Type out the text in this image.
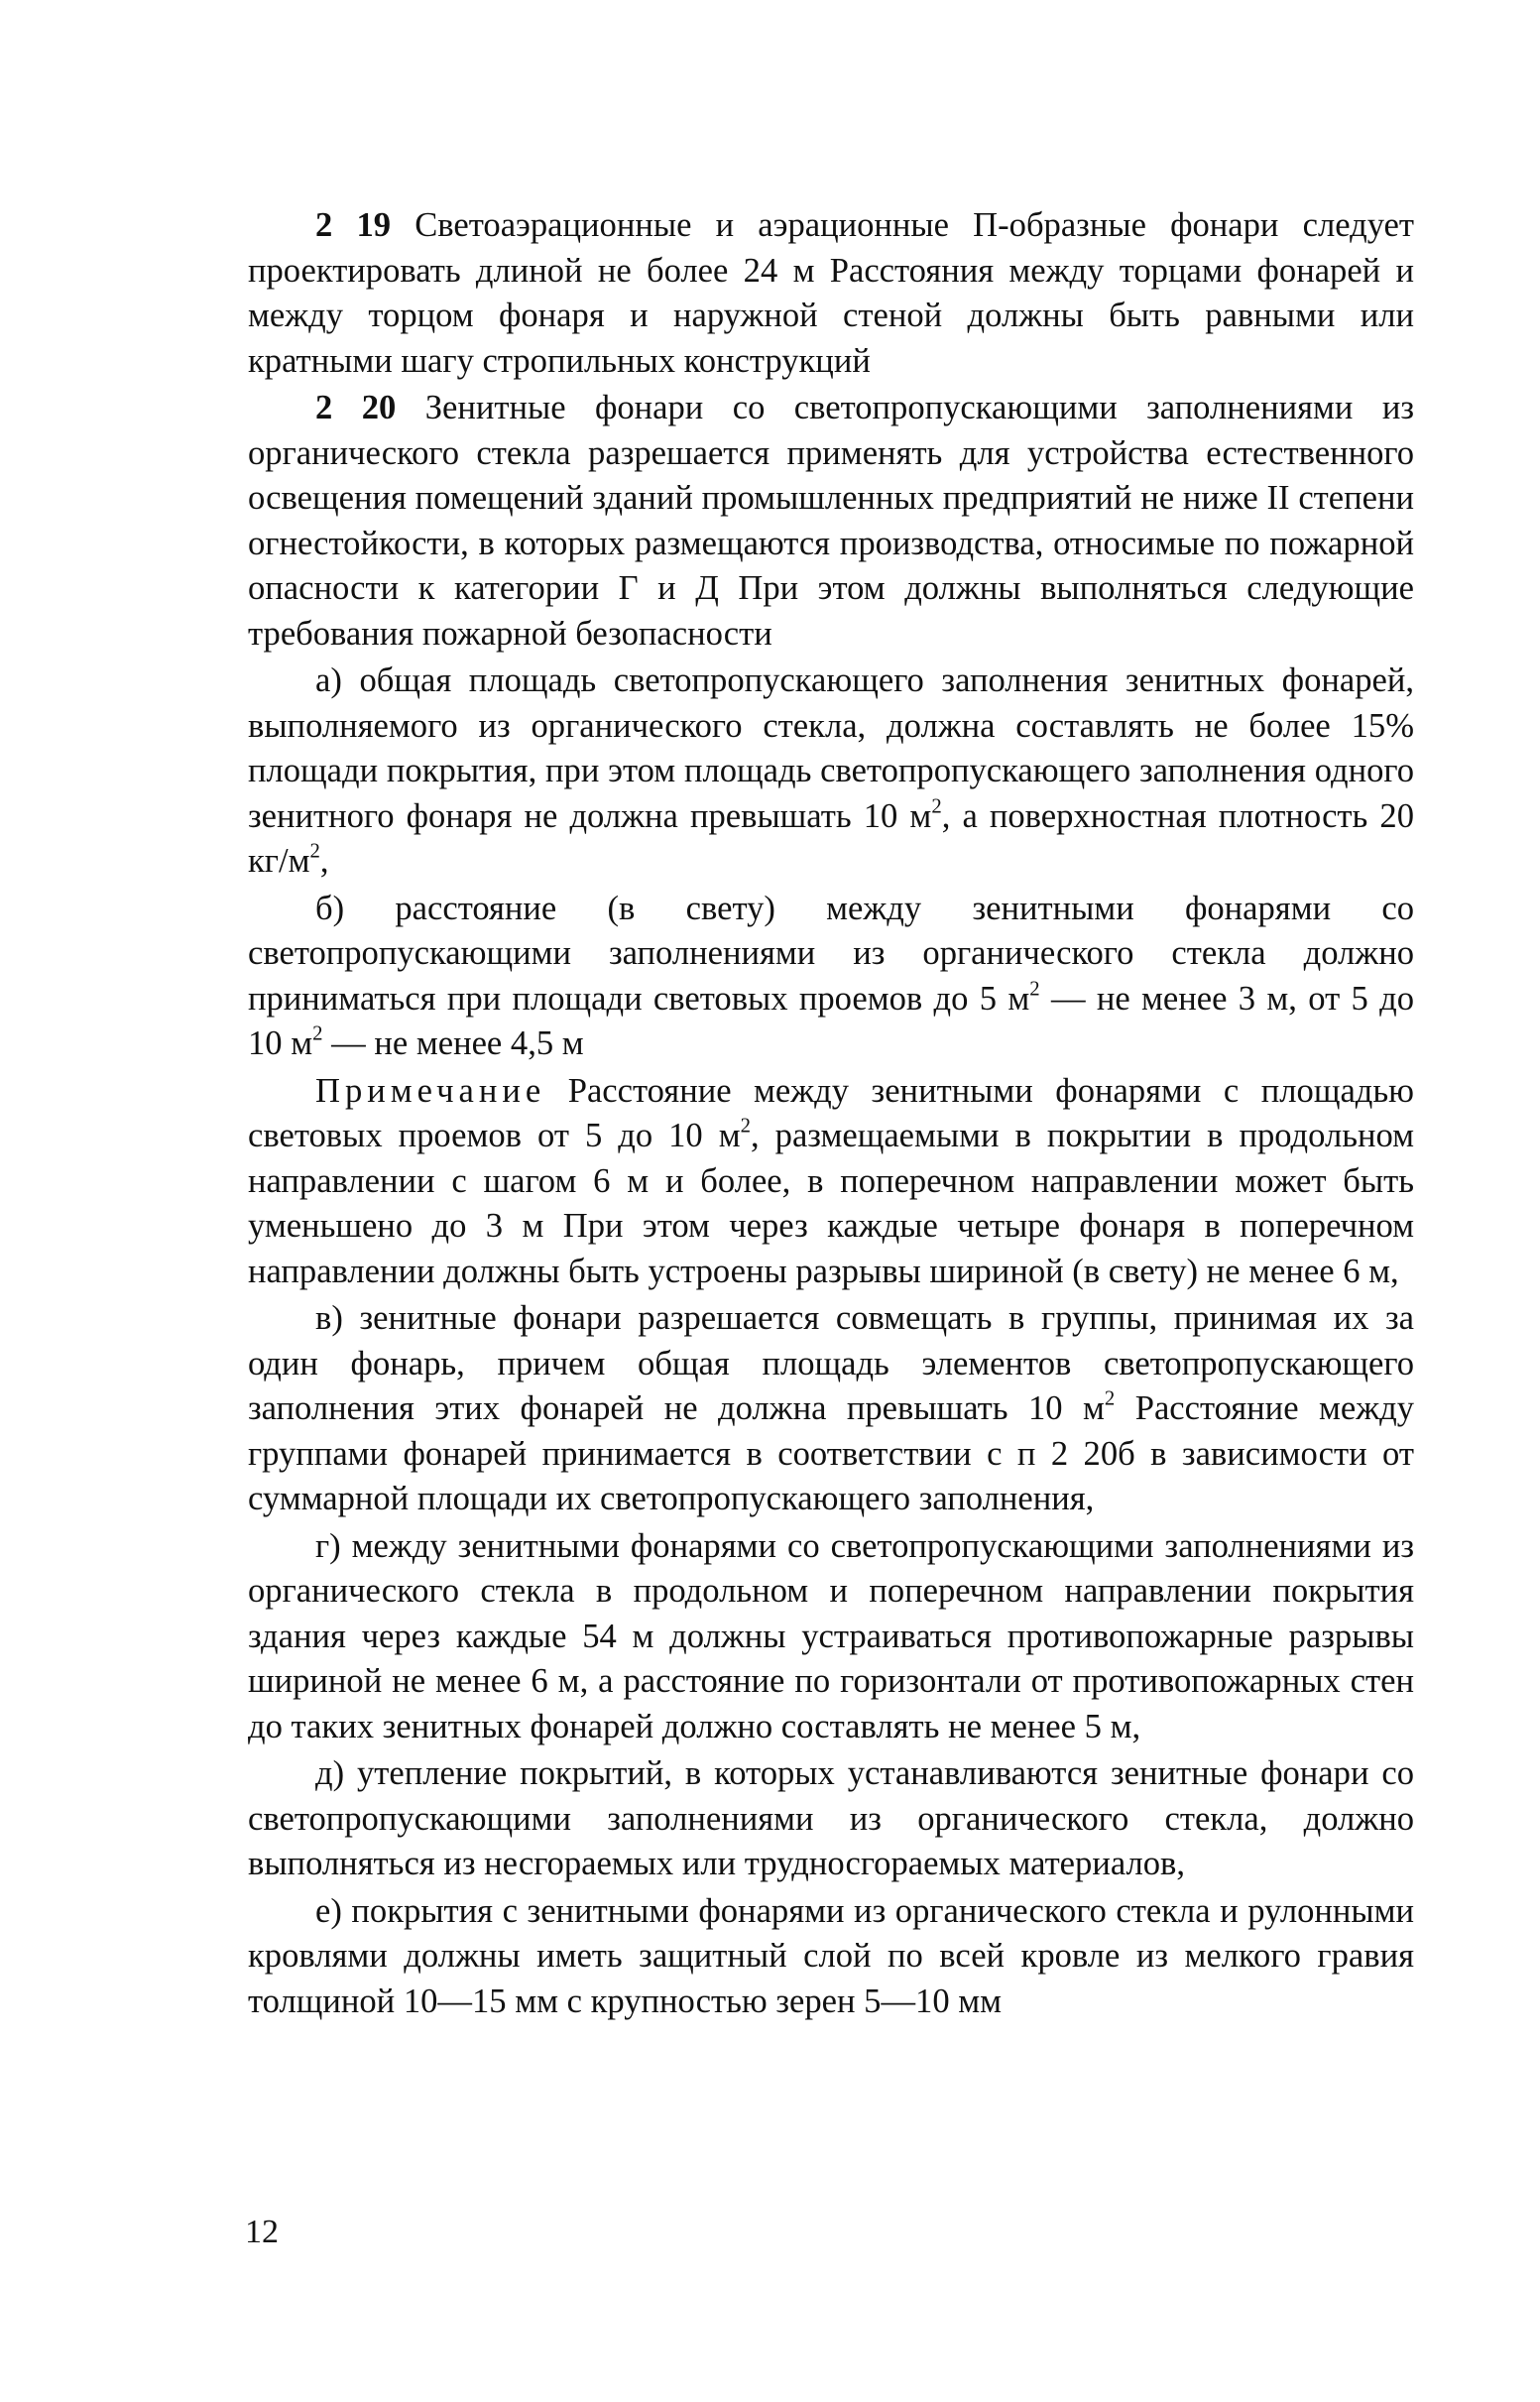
2 19 Светоаэрационные и аэрационные П-образные фонари следует проектировать длиной не более 24 м Расстояния между торцами фонарей и между торцом фонаря и наружной стеной должны быть равными или кратными шагу стропильных конструкций

2 20 Зенитные фонари со светопропускающими заполнениями из органического стекла разрешается применять для устройства естественного освещения помещений зданий промышленных предприятий не ниже II степени огнестойкости, в которых размещаются производства, относимые по пожарной опасности к категории Г и Д При этом должны выполняться следующие требования пожарной безопасности

а) общая площадь светопропускающего заполнения зенитных фонарей, выполняемого из органического стекла, должна составлять не более 15% площади покрытия, при этом площадь светопропускающего заполнения одного зенитного фонаря не должна превышать 10 $м^2$, а поверхностная плотность 20 $кг/м^2$,

б) расстояние (в свету) между зенитными фонарями со светопропускающими заполнениями из органического стекла должно приниматься при площади световых проемов до 5 $м^2$ — не менее 3 м, от 5 до 10 $м^2$ — не менее 4,5 м

Примечание Расстояние между зенитными фонарями с площадью световых проемов от 5 до 10 $м^2$, размещаемыми в покрытии в продольном направлении с шагом 6 м и более, в поперечном направлении может быть уменьшено до 3 м При этом через каждые четыре фонаря в поперечном направлении должны быть устроены разрывы шириной (в свету) не менее 6 м,

в) зенитные фонари разрешается совмещать в группы, принимая их за один фонарь, причем общая площадь элементов светопропускающего заполнения этих фонарей не должна превышать 10 $м^2$ Расстояние между группами фонарей принимается в соответствии с п 2 20б в зависимости от суммарной площади их светопропускающего заполнения,

г) между зенитными фонарями со светопропускающими заполнениями из органического стекла в продольном и поперечном направлении покрытия здания через каждые 54 м должны устраиваться противопожарные разрывы шириной не менее 6 м, а расстояние по горизонтали от противопожарных стен до таких зенитных фонарей должно составлять не менее 5 м,

д) утепление покрытий, в которых устанавливаются зенитные фонари со светопропускающими заполнениями из органического стекла, должно выполняться из несгораемых или трудносгораемых материалов,

е) покрытия с зенитными фонарями из органического стекла и рулонными кровлями должны иметь защитный слой по всей кровле из мелкого гравия толщиной 10—15 мм с крупностью зерен 5—10 мм

12
